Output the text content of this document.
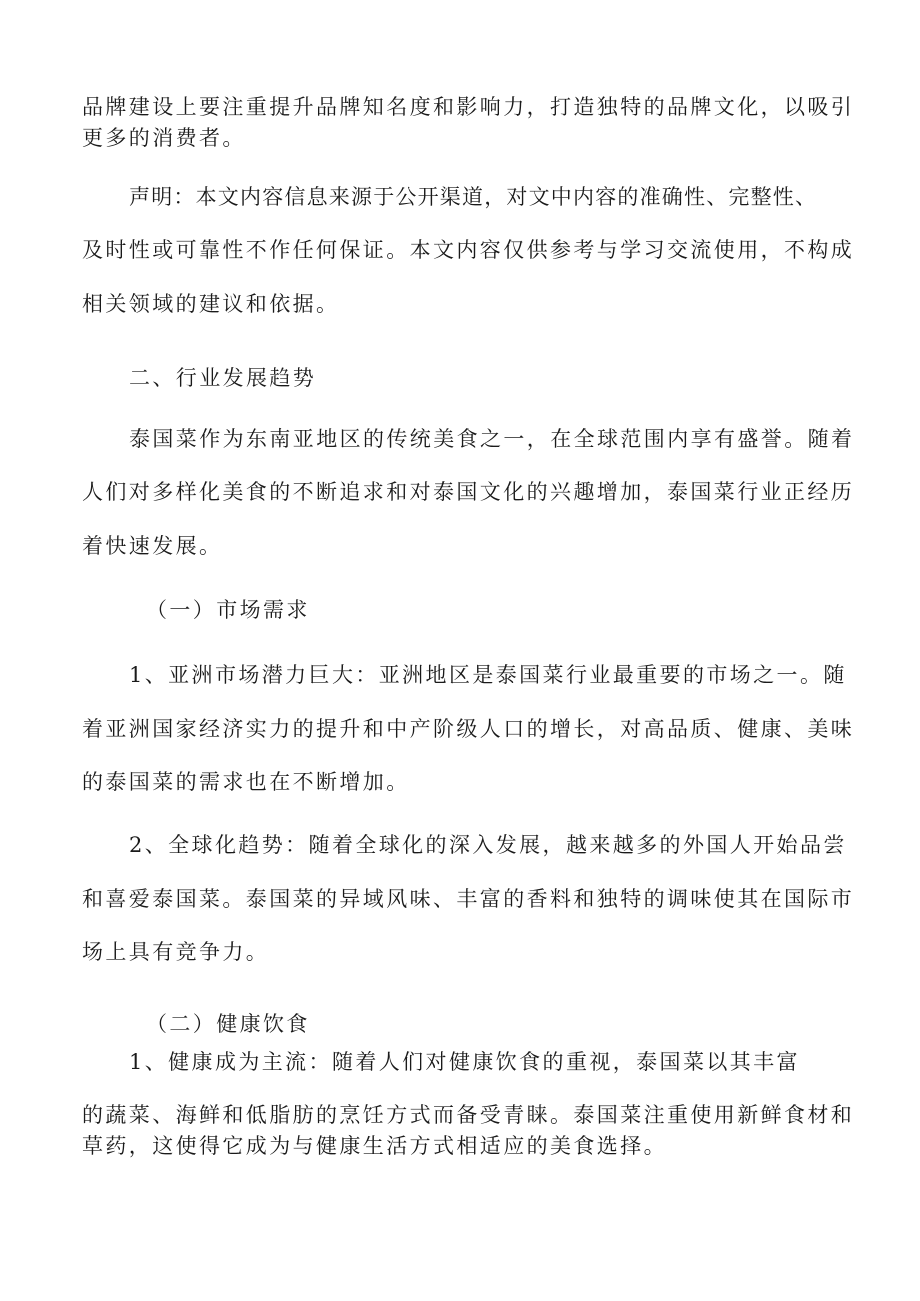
品牌建设上要注重提升品牌知名度和影响力，打造独特的品牌文化，以吸引

更多的消费者。

声明：本文内容信息来源于公开渠道，对文中内容的准确性、完整性、

及时性或可靠性不作任何保证。本文内容仅供参考与学习交流使用，不构成

相关领域的建议和依据。

二、行业发展趋势

泰国菜作为东南亚地区的传统美食之一，在全球范围内享有盛誉。随着

人们对多样化美食的不断追求和对泰国文化的兴趣增加，泰国菜行业正经历

着快速发展。

（一）市场需求

1、亚洲市场潜力巨大：亚洲地区是泰国菜行业最重要的市场之一。随

着亚洲国家经济实力的提升和中产阶级人口的增长，对高品质、健康、美味

的泰国菜的需求也在不断增加。

2、全球化趋势：随着全球化的深入发展，越来越多的外国人开始品尝

和喜爱泰国菜。泰国菜的异域风味、丰富的香料和独特的调味使其在国际市

场上具有竞争力。

（二）健康饮食

1、健康成为主流：随着人们对健康饮食的重视，泰国菜以其丰富

的蔬菜、海鲜和低脂肪的烹饪方式而备受青睐。泰国菜注重使用新鲜食材和

草药，这使得它成为与健康生活方式相适应的美食选择。
